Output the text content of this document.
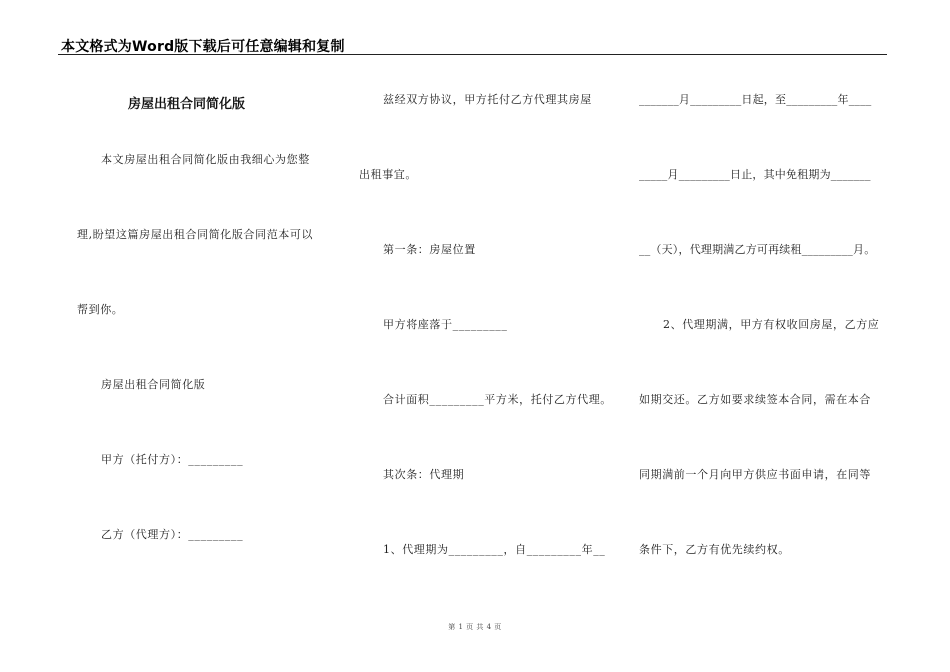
本文格式为Word版下载后可任意编辑和复制
房屋出租合同简化版
本文房屋出租合同简化版由我细心为您整
理,盼望这篇房屋出租合同简化版合同范本可以
帮到你。
房屋出租合同简化版
甲方（托付方）：_________
乙方（代理方）：_________
兹经双方协议，甲方托付乙方代理其房屋
出租事宜。
第一条：房屋位置
甲方将座落于_________
合计面积_________平方米，托付乙方代理。
其次条：代理期
1、代理期为_________，自_________年__
_______月_________日起，至_________年____
_____月_________日止，其中免租期为_______
__（天），代理期满乙方可再续租_________月。
2、代理期满，甲方有权收回房屋，乙方应
如期交还。乙方如要求续签本合同，需在本合
同期满前一个月向甲方供应书面申请，在同等
条件下，乙方有优先续约权。
第 1 页 共 4 页
